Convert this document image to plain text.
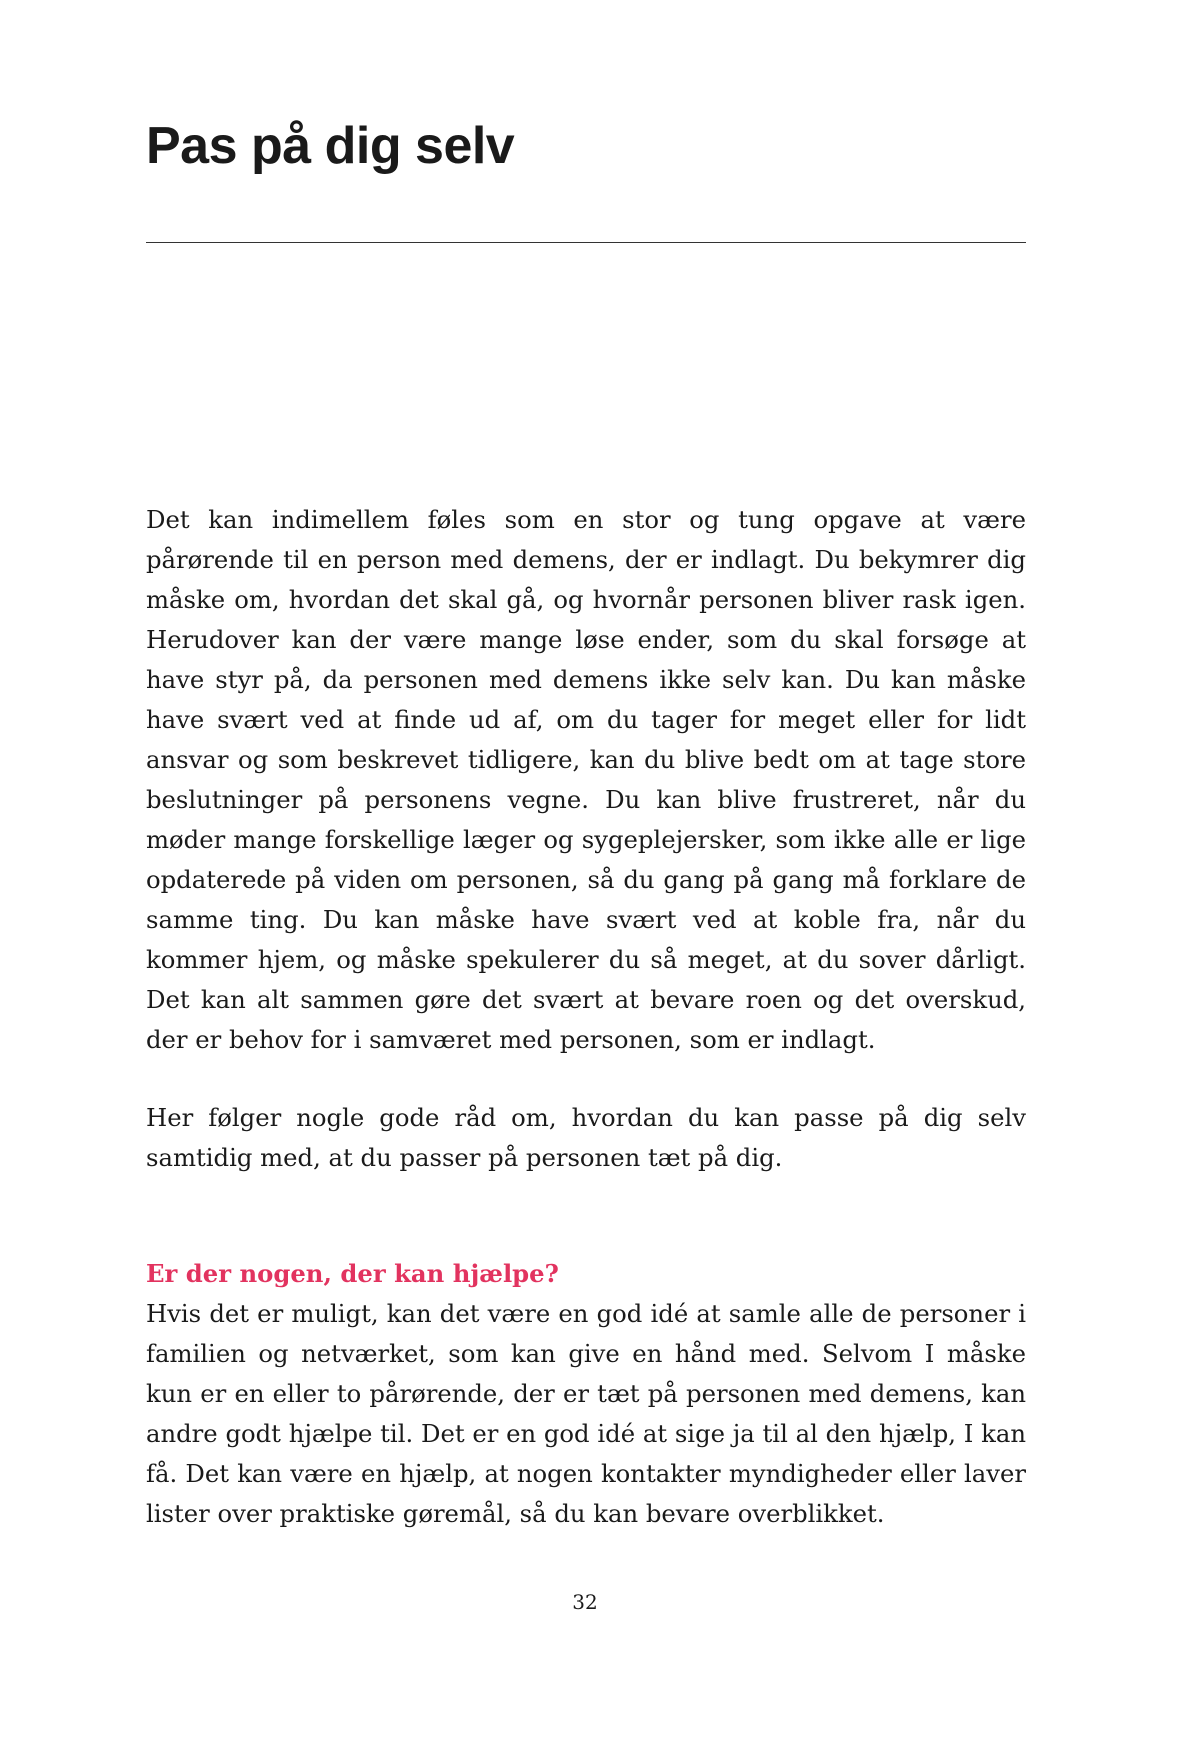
Pas på dig selv

Det kan indimellem føles som en stor og tung opgave at være pårørende til en person med demens, der er indlagt. Du bekymrer dig måske om, hvordan det skal gå, og hvornår personen bliver rask igen. Herudover kan der være mange løse ender, som du skal forsøge at have styr på, da personen med demens ikke selv kan. Du kan måske have svært ved at finde ud af, om du tager for meget eller for lidt ansvar og som beskrevet tidligere, kan du blive bedt om at tage store beslutninger på personens vegne. Du kan blive frustreret, når du møder mange forskellige læger og sygeplejersker, som ikke alle er lige opdaterede på viden om personen, så du gang på gang må forklare de samme ting. Du kan måske have svært ved at koble fra, når du kommer hjem, og måske spekulerer du så meget, at du sover dårligt. Det kan alt sammen gøre det svært at bevare roen og det overskud, der er behov for i samværet med personen, som er indlagt.

Her følger nogle gode råd om, hvordan du kan passe på dig selv samtidig med, at du passer på personen tæt på dig.

Er der nogen, der kan hjælpe?

Hvis det er muligt, kan det være en god idé at samle alle de personer i familien og netværket, som kan give en hånd med. Selvom I måske kun er en eller to pårørende, der er tæt på personen med demens, kan andre godt hjælpe til. Det er en god idé at sige ja til al den hjælp, I kan få. Det kan være en hjælp, at nogen kontakter myndigheder eller laver lister over praktiske gøremål, så du kan bevare overblikket.

32
